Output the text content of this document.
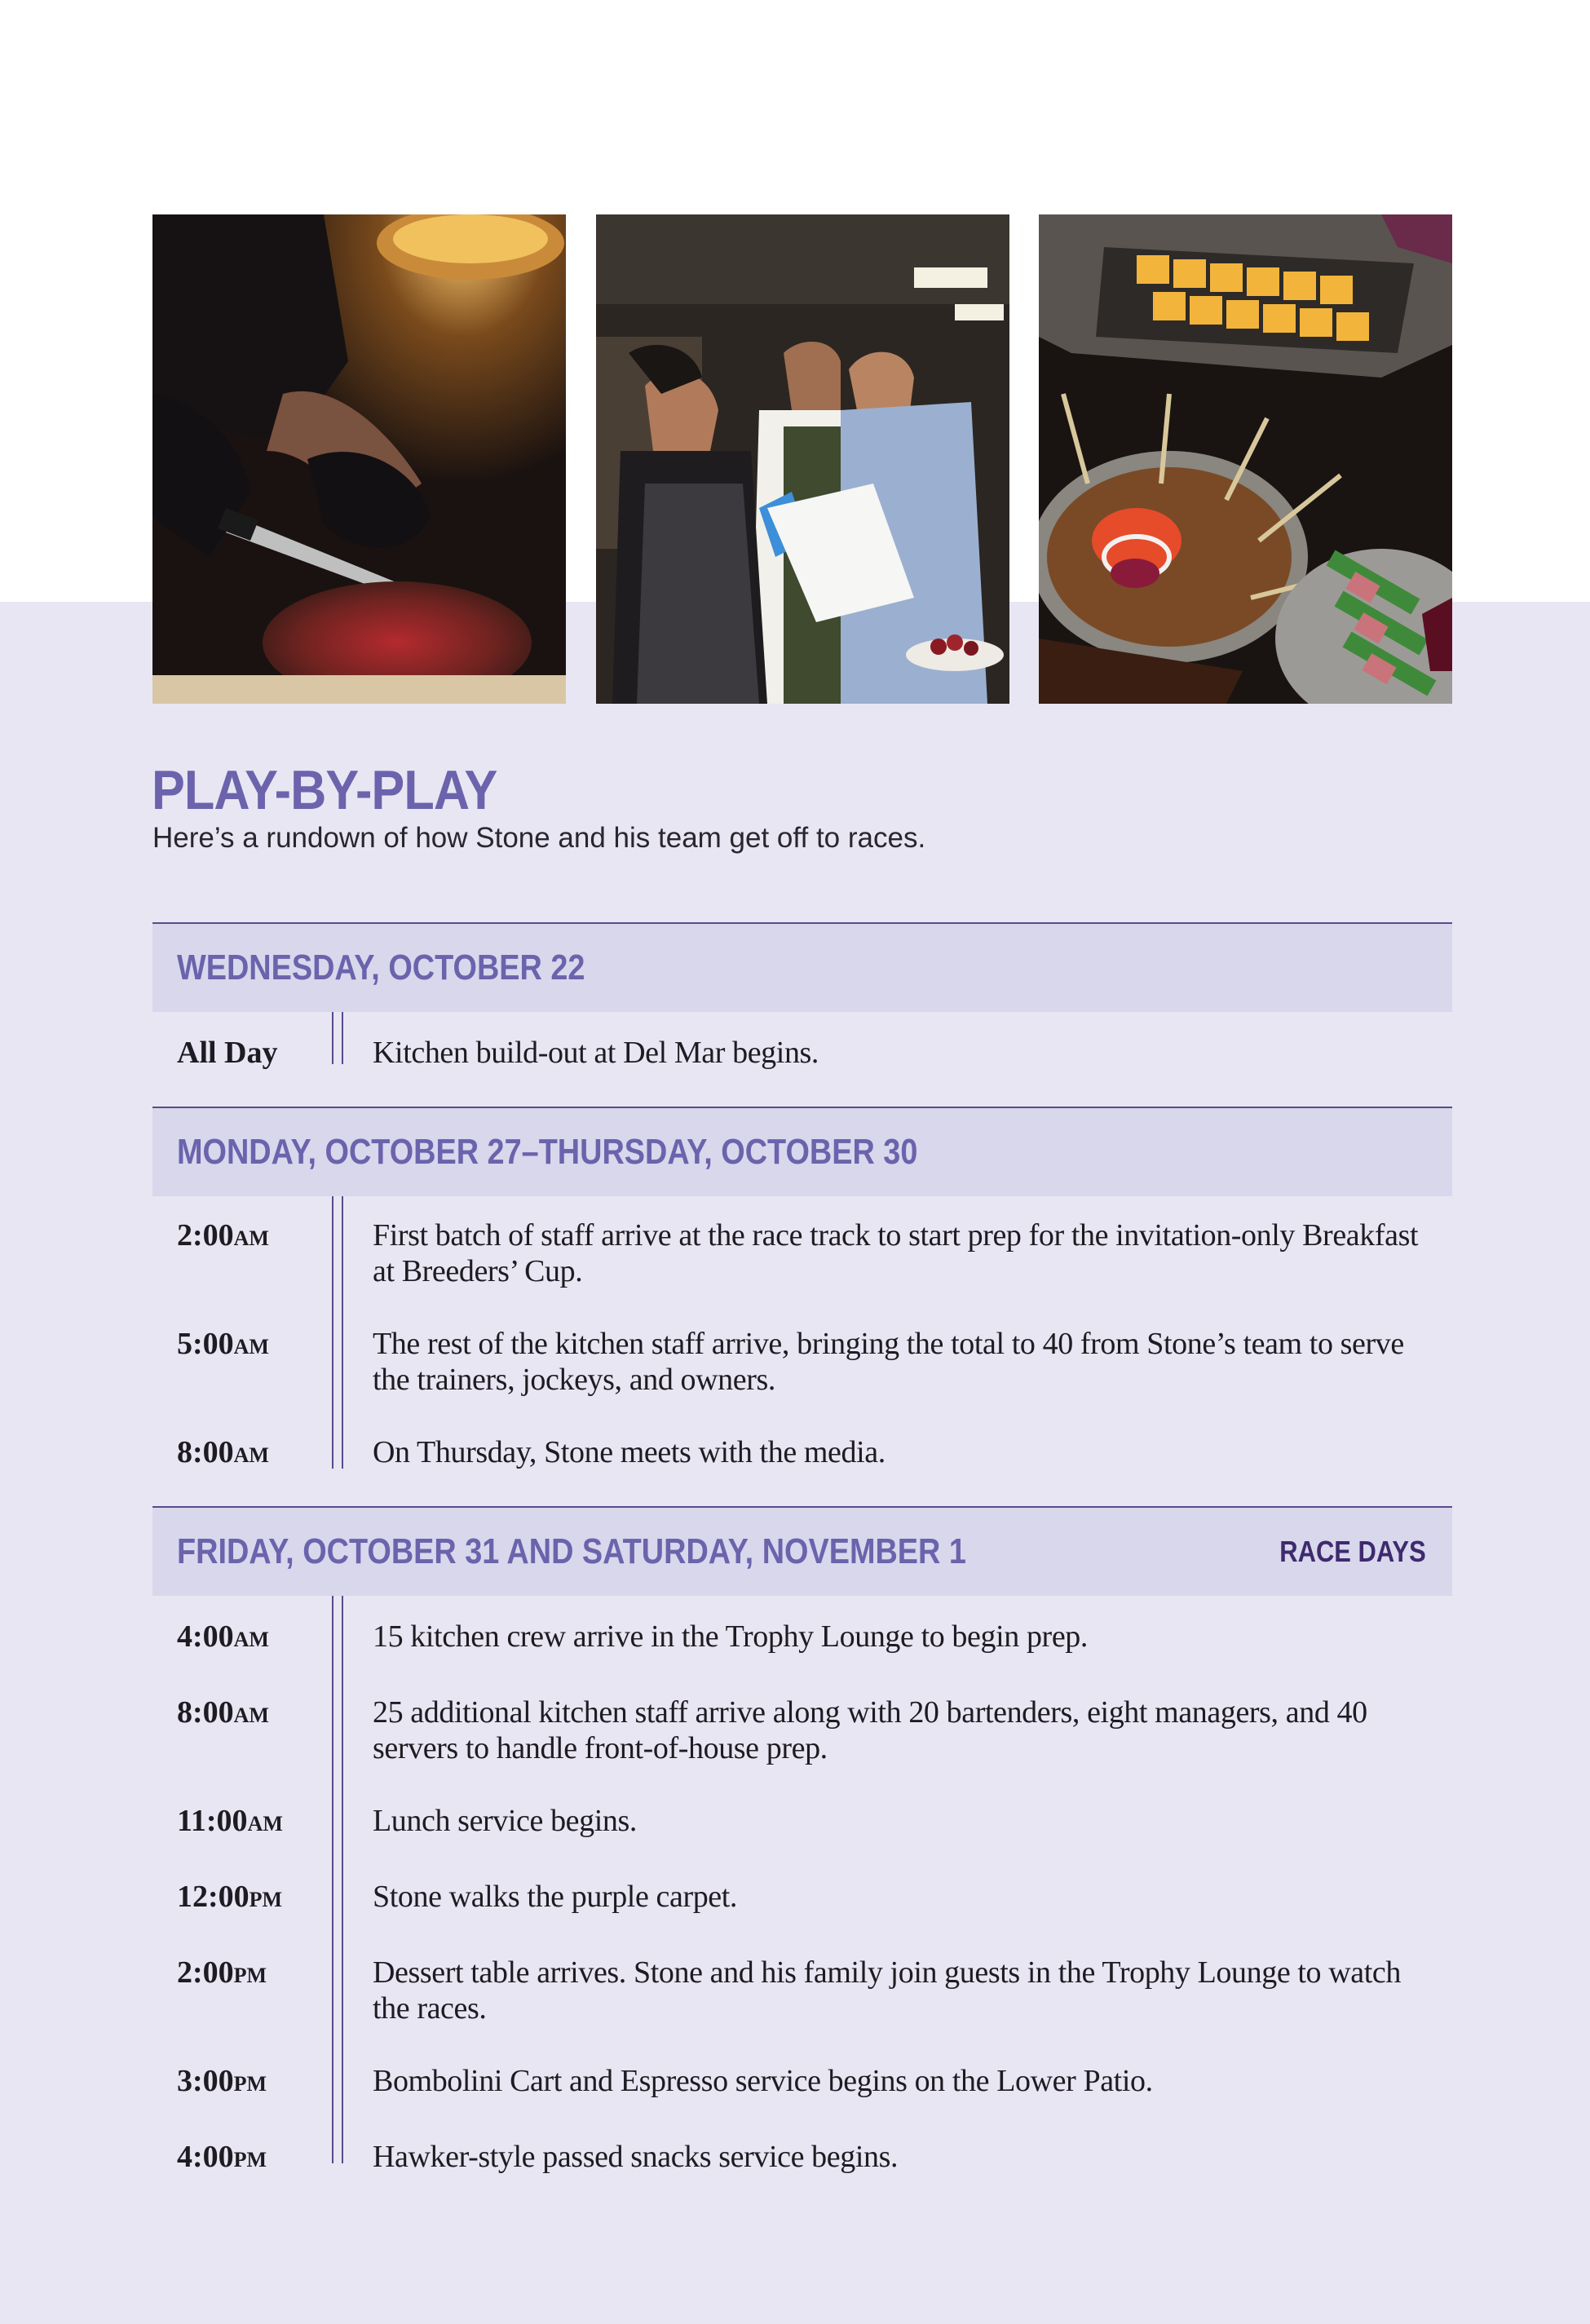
PLAY-BY-PLAY

Here’s a rundown of how Stone and his team get off to races.

WEDNESDAY, OCTOBER 22
All Day	Kitchen build-out at Del Mar begins.
MONDAY, OCTOBER 27–THURSDAY, OCTOBER 30
2:00AM	First batch of staff arrive at the race track to start prep for the invitation-only Breakfast at Breeders’ Cup.
5:00AM	The rest of the kitchen staff arrive, bringing the total to 40 from Stone’s team to serve the trainers, jockeys, and owners.
8:00AM	On Thursday, Stone meets with the media.
FRIDAY, OCTOBER 31 AND SATURDAY, NOVEMBER 1	RACE DAYS
4:00AM	15 kitchen crew arrive in the Trophy Lounge to begin prep.
8:00AM	25 additional kitchen staff arrive along with 20 bartenders, eight managers, and 40 servers to handle front-of-house prep.
11:00AM	Lunch service begins.
12:00PM	Stone walks the purple carpet.
2:00PM	Dessert table arrives. Stone and his family join guests in the Trophy Lounge to watch the races.
3:00PM	Bombolini Cart and Espresso service begins on the Lower Patio.
4:00PM	Hawker-style passed snacks service begins.
